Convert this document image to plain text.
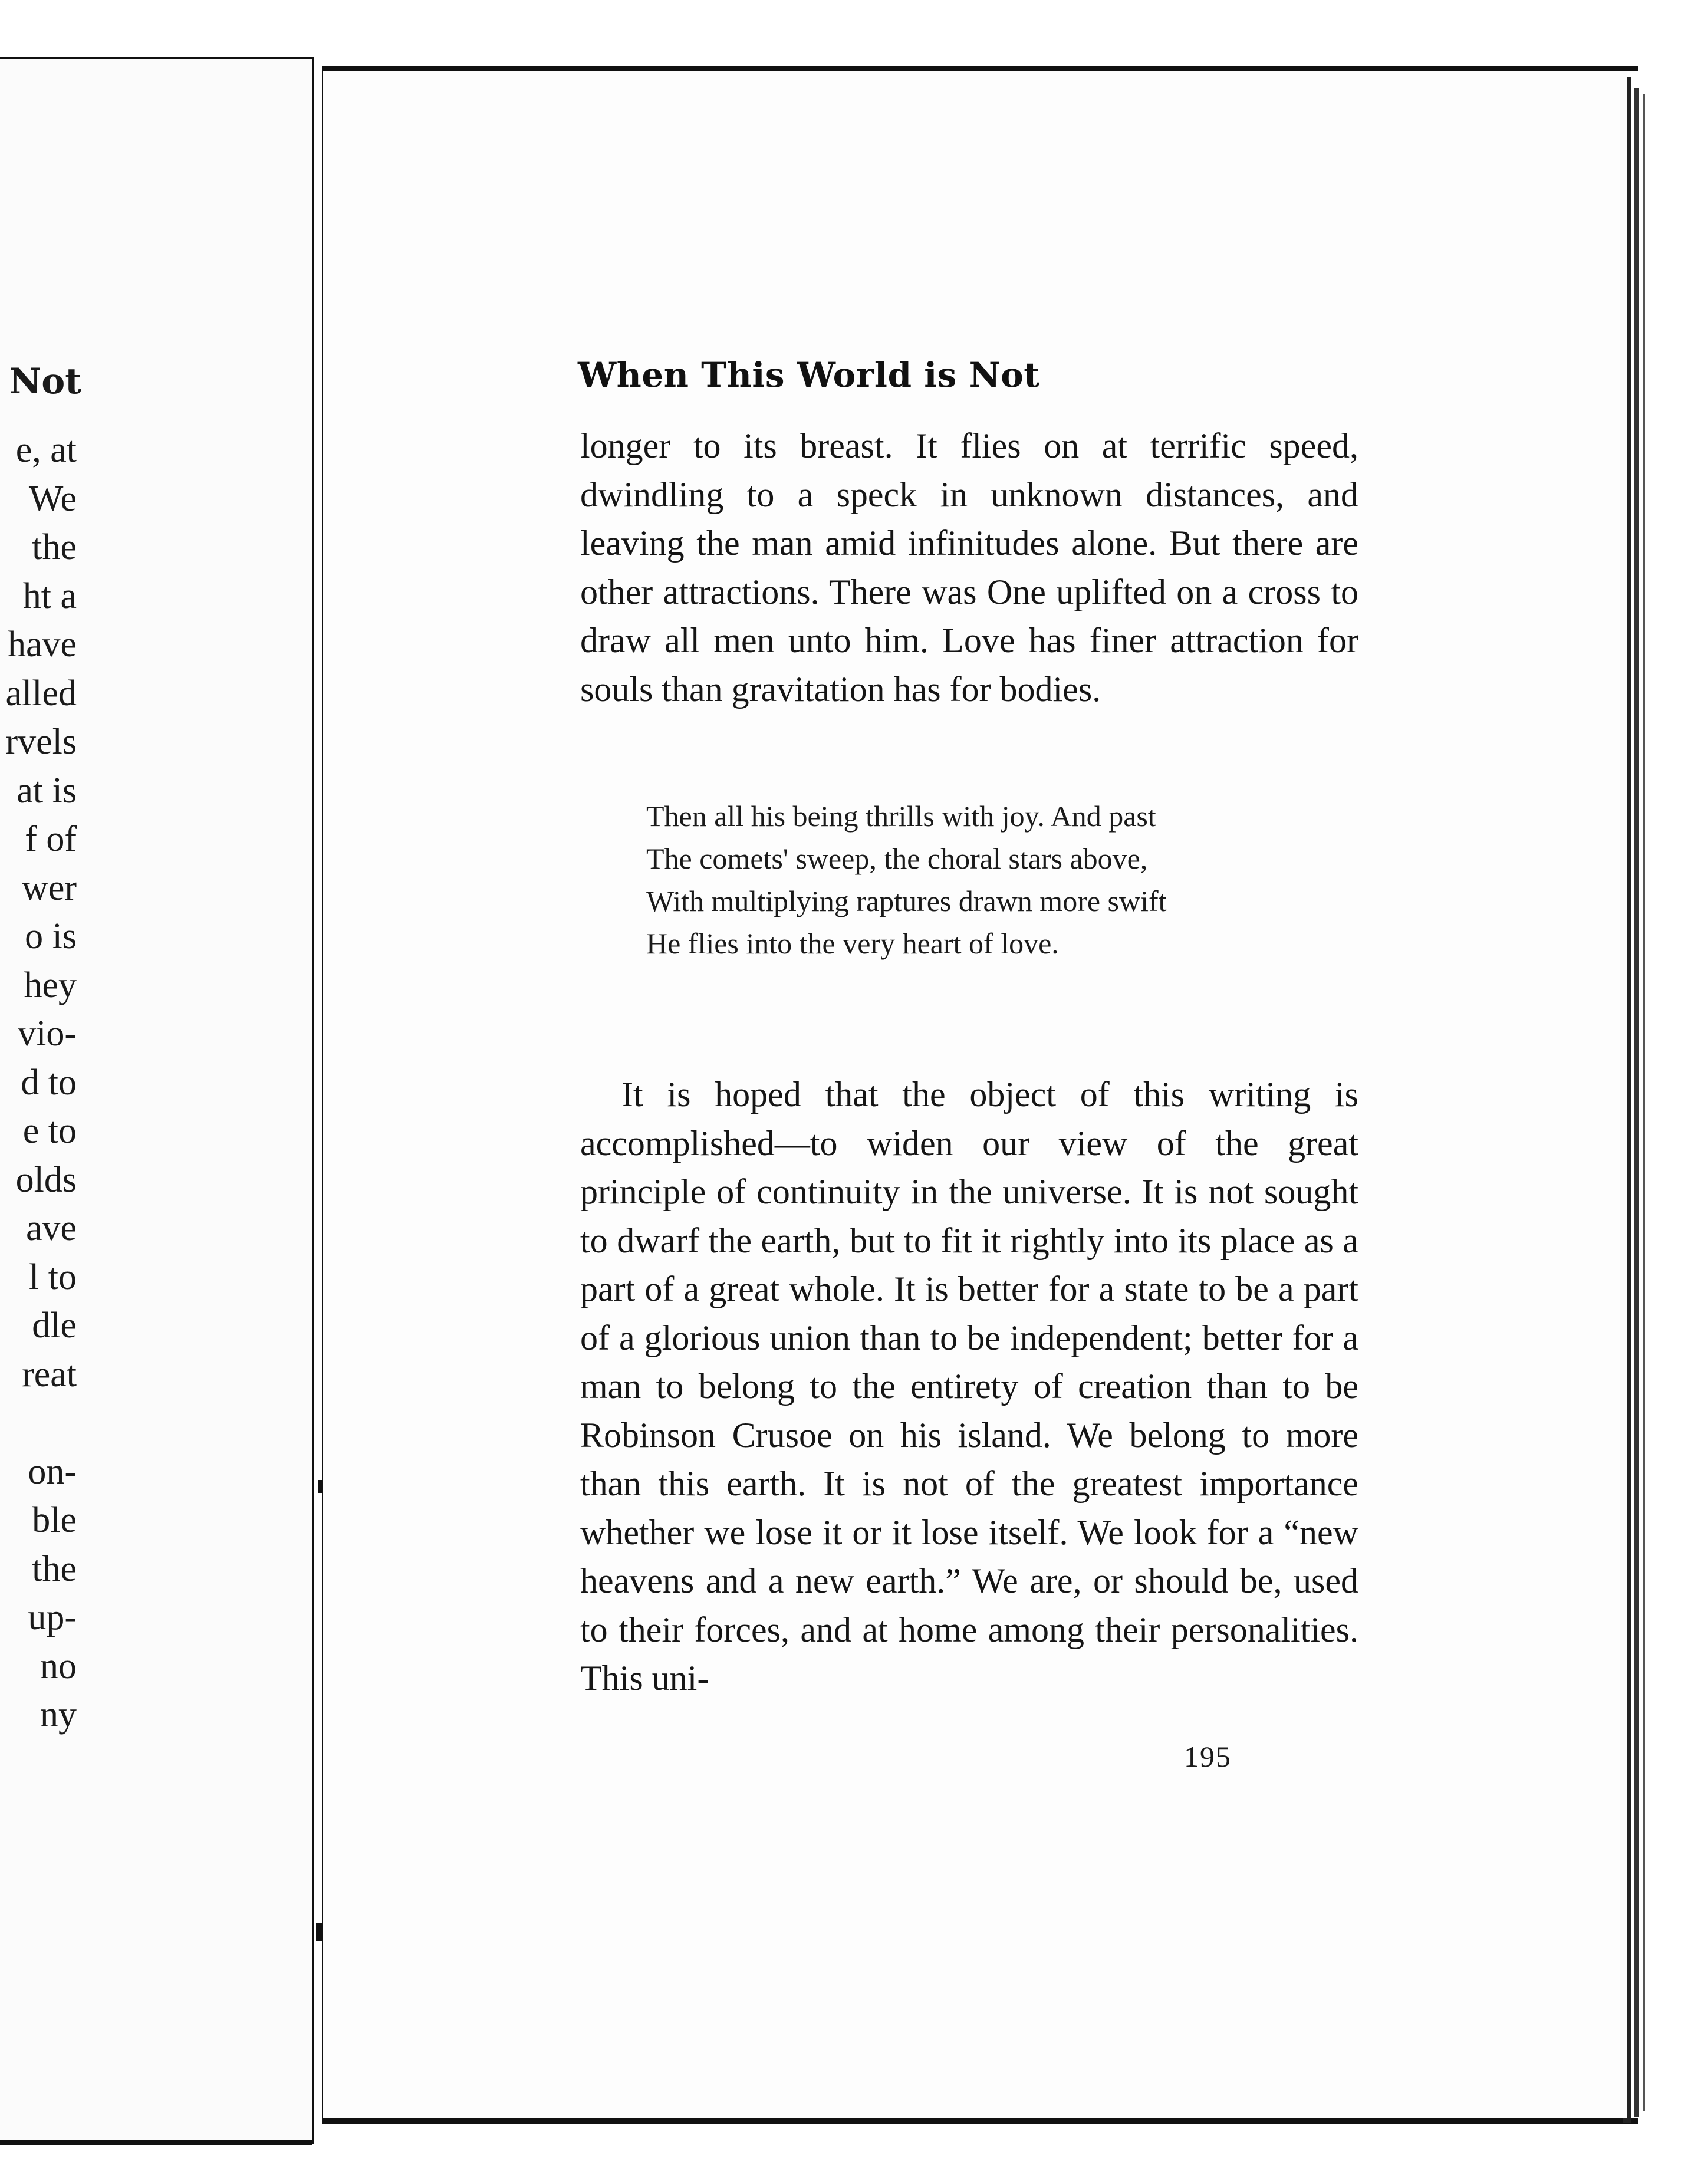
Not
e, at
We
the
ht a
have
alled
rvels
at is
f of
wer
o is
hey
vio-
d to
e to
olds
ave
l to
dle
reat
on-
ble
the
up-
no
ny
When This World is Not

longer to its breast. It flies on at terrific speed, dwindling to a speck in unknown distances, and leaving the man amid infinitudes alone. But there are other attractions. There was One uplifted on a cross to draw all men unto him. Love has finer attraction for souls than gravitation has for bodies.

Then all his being thrills with joy. And past
The comets' sweep, the choral stars above,
With multiplying raptures drawn more swift
He flies into the very heart of love.

It is hoped that the object of this writing is accomplished—to widen our view of the great principle of continuity in the universe. It is not sought to dwarf the earth, but to fit it rightly into its place as a part of a great whole. It is better for a state to be a part of a glorious union than to be independent; better for a man to belong to the entirety of creation than to be Robinson Crusoe on his island. We belong to more than this earth. It is not of the greatest importance whether we lose it or it lose itself. We look for a “new heavens and a new earth.” We are, or should be, used to their forces, and at home among their personalities. This uni-

195
